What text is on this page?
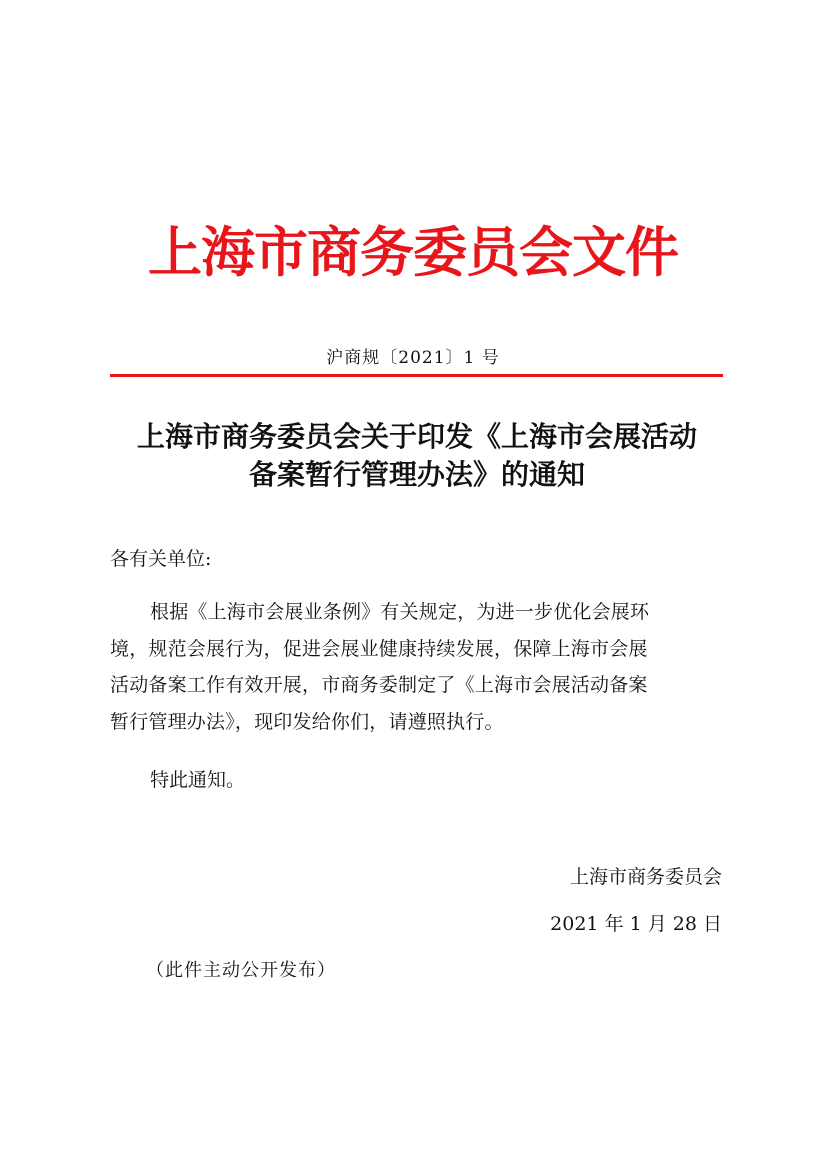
上海市商务委员会文件
沪商规〔2021〕1 号
上海市商务委员会关于印发《上海市会展活动
备案暂行管理办法》的通知
各有关单位:
根据《上海市会展业条例》有关规定，为进一步优化会展环
境，规范会展行为，促进会展业健康持续发展，保障上海市会展
活动备案工作有效开展，市商务委制定了《上海市会展活动备案
暂行管理办法》，现印发给你们，请遵照执行。
特此通知。
上海市商务委员会
2021 年 1 月 28 日
（此件主动公开发布）
